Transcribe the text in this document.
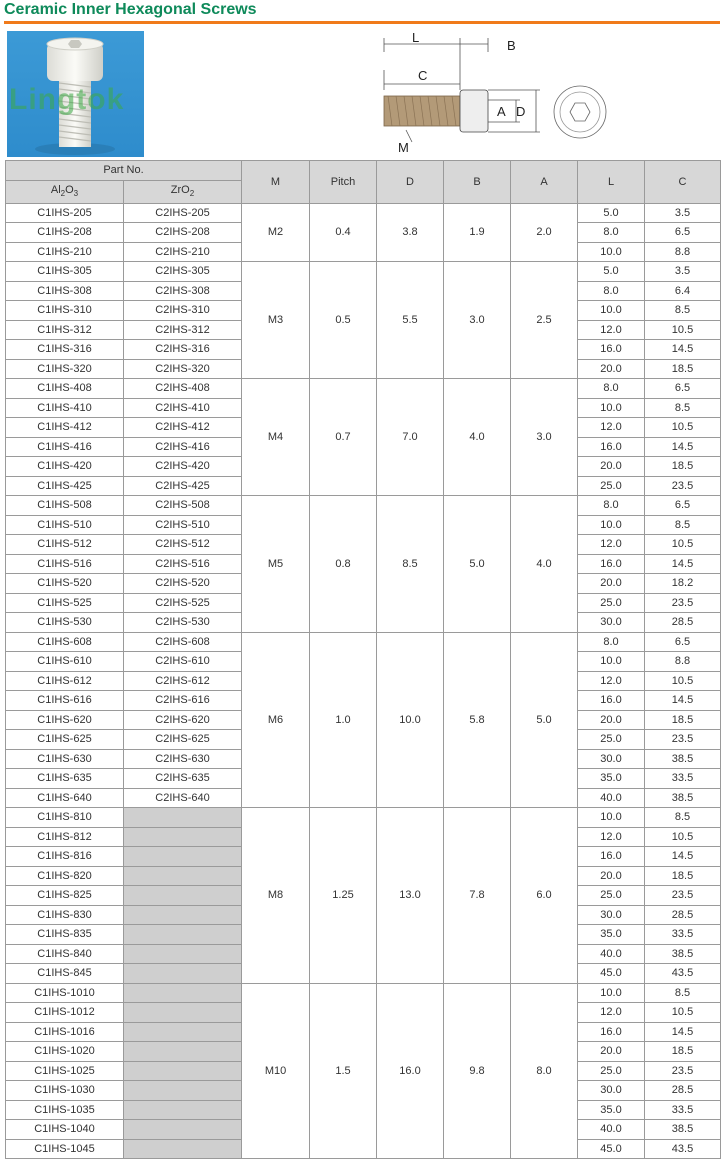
Ceramic Inner Hexagonal Screws
Lingtok
L
B
C
A D
M
Part No.		M	Pitch	D	B	A	L	C
$Al_2O_3$	ZrO$_2$
C1IHS-205	C2IHS-205	M2	0.4	3.8	1.9	2.0	5.0	3.5
C1IHS-208	C2IHS-208						8.0	6.5
C1IHS-210	C2IHS-210						10.0	8.8
C1IHS-305	C2IHS-305	M3	0.5	5.5	3.0	2.5	5.0	3.5
C1IHS-308	C2IHS-308						8.0	6.4
C1IHS-310	C2IHS-310						10.0	8.5
C1IHS-312	C2IHS-312						12.0	10.5
C1IHS-316	C2IHS-316						16.0	14.5
C1IHS-320	C2IHS-320						20.0	18.5
C1IHS-408	C2IHS-408	M4	0.7	7.0	4.0	3.0	8.0	6.5
C1IHS-410	C2IHS-410						10.0	8.5
C1IHS-412	C2IHS-412						12.0	10.5
C1IHS-416	C2IHS-416						16.0	14.5
C1IHS-420	C2IHS-420						20.0	18.5
C1IHS-425	C2IHS-425						25.0	23.5
C1IHS-508	C2IHS-508	M5	0.8	8.5	5.0	4.0	8.0	6.5
C1IHS-510	C2IHS-510						10.0	8.5
C1IHS-512	C2IHS-512						12.0	10.5
C1IHS-516	C2IHS-516						16.0	14.5
C1IHS-520	C2IHS-520						20.0	18.2
C1IHS-525	C2IHS-525						25.0	23.5
C1IHS-530	C2IHS-530						30.0	28.5
C1IHS-608	C2IHS-608	M6	1.0	10.0	5.8	5.0	8.0	6.5
C1IHS-610	C2IHS-610						10.0	8.8
C1IHS-612	C2IHS-612						12.0	10.5
C1IHS-616	C2IHS-616						16.0	14.5
C1IHS-620	C2IHS-620						20.0	18.5
C1IHS-625	C2IHS-625						25.0	23.5
C1IHS-630	C2IHS-630						30.0	38.5
C1IHS-635	C2IHS-635						35.0	33.5
C1IHS-640	C2IHS-640						40.0	38.5
C1IHS-810		M8	1.25	13.0	7.8	6.0	10.0	8.5
C1IHS-812							12.0	10.5
C1IHS-816							16.0	14.5
C1IHS-820							20.0	18.5
C1IHS-825							25.0	23.5
C1IHS-830							30.0	28.5
C1IHS-835							35.0	33.5
C1IHS-840							40.0	38.5
C1IHS-845							45.0	43.5
C1IHS-1010		M10	1.5	16.0	9.8	8.0	10.0	8.5
C1IHS-1012							12.0	10.5
C1IHS-1016							16.0	14.5
C1IHS-1020							20.0	18.5
C1IHS-1025							25.0	23.5
C1IHS-1030							30.0	28.5
C1IHS-1035							35.0	33.5
C1IHS-1040							40.0	38.5
C1IHS-1045							45.0	43.5
